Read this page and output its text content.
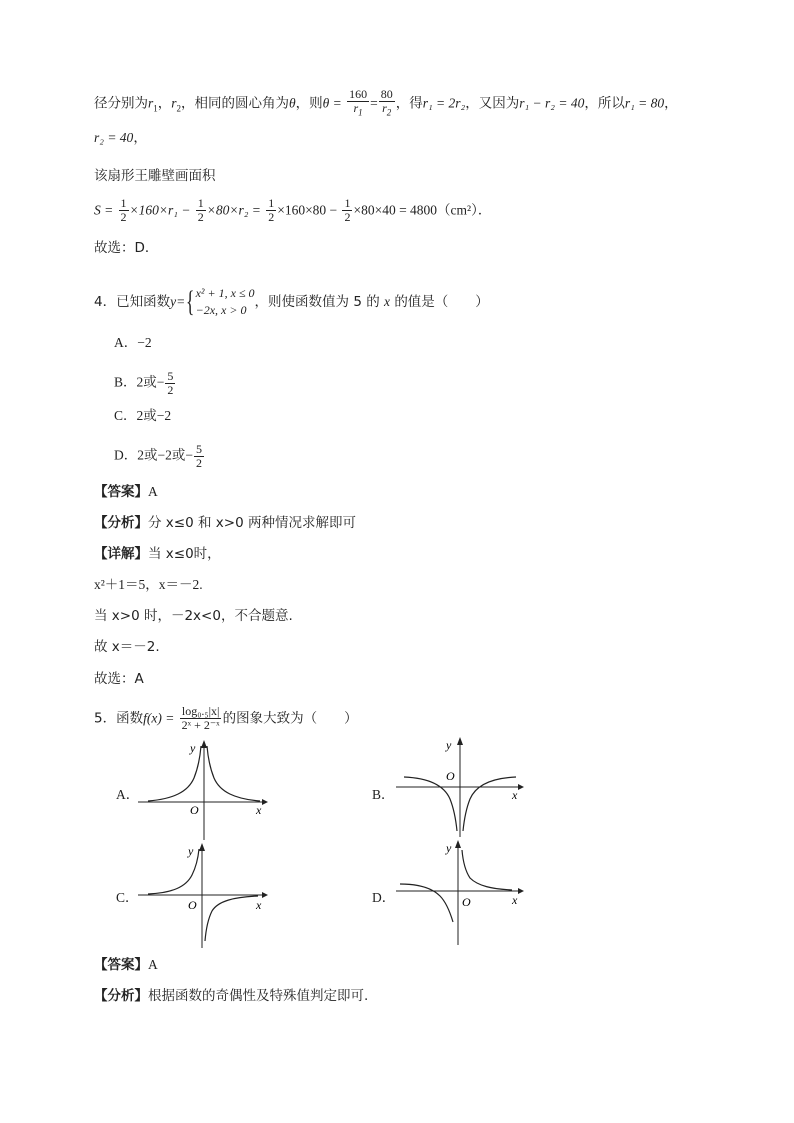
径分别为$r_1$，$r_2$，相同的圆心角为θ，则$\theta = \frac{160}{r_1} = \frac{80}{r_2}$ ，得r₁ = 2r₂，又因为r₁ − r₂ = 40，所以r₁ = 80，
r₂ = 40，
该扇形王雕壁画面积
$S = \frac{1}{2} \times 160\times r_1 - \frac{1}{2} \times 80\times r_2 = \frac{1}{2} \times 160\times 80 - \frac{1}{2} \times 80\times 40 = 4800(cm^2)$．
故选：D．
4．已知函数y={ x² + 1, x ≤ 0
−2x, x > 0 ，则使函数值为 5 的 x 的值是（　　）
A．−2
B．2或− $\frac{5}{2}$
C．2或−2
D．2或−2或− $\frac{5}{2}$
【答案】A
【分析】分 x≤0 和 x>0 两种情况求解即可
【详解】当 x≤0时，
x²＋1＝5，x＝－2.
当 x>0 时，－2x<0，不合题意.
故 x＝－2.
故选：A
5．函数$f(x) = \frac{\text{log₀.₅|x|}}{\text{2ˣ + 2⁻ˣ}}$ 的图象大致为（　　）
A．	B．
C．	D．
O	x
y
O
x
y
O	x
y
O	x
y
【答案】A
【分析】根据函数的奇偶性及特殊值判定即可.
